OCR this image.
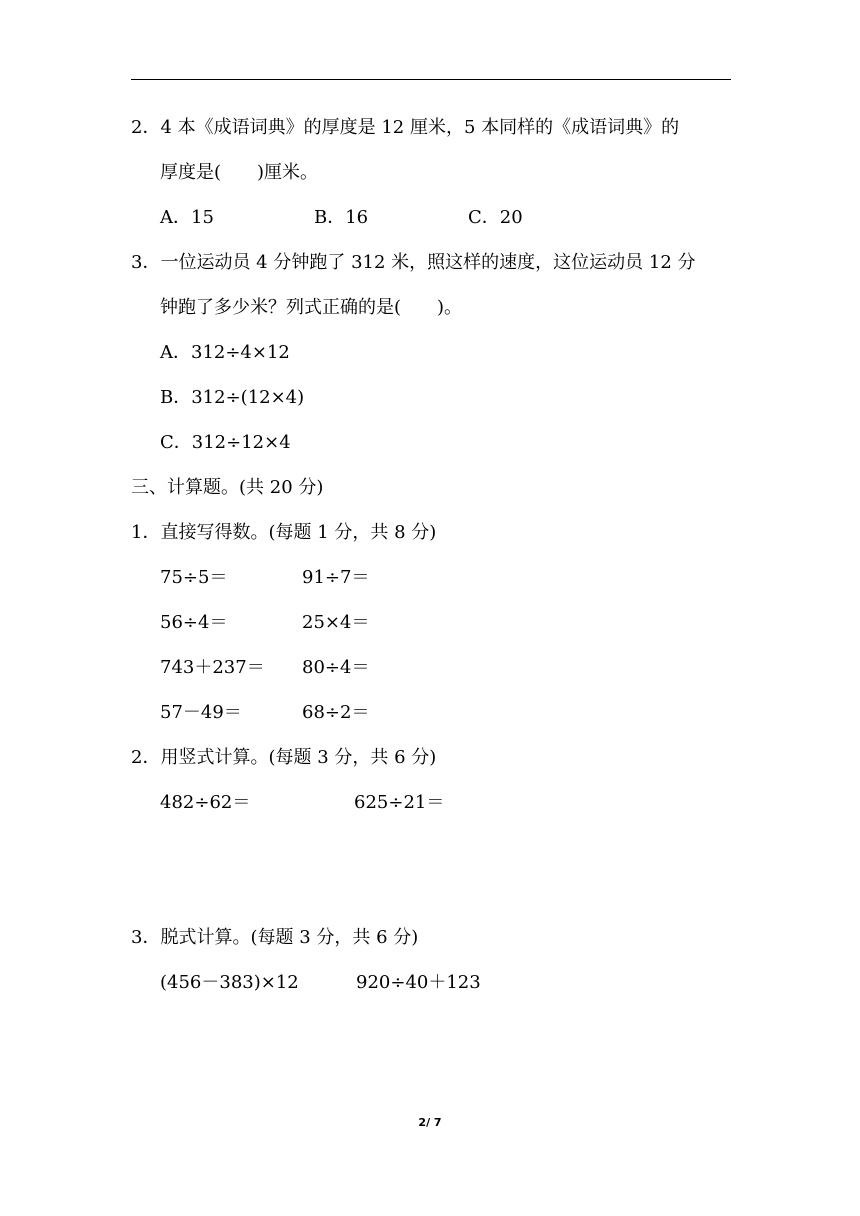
2．4 本《成语词典》的厚度是 12 厘米，5 本同样的《成语词典》的
厚度是(　　)厘米。
A．15	B．16	C．20
3．一位运动员 4 分钟跑了 312 米，照这样的速度，这位运动员 12 分
钟跑了多少米？列式正确的是(　　)。
A．312÷4×12
B．312÷(12×4)
C．312÷12×4
三、计算题。(共 20 分)
1．直接写得数。(每题 1 分，共 8 分)
75÷5＝	91÷7＝
56÷4＝	25×4＝
743＋237＝ 80÷4＝
57－49＝	68÷2＝
2．用竖式计算。(每题 3 分，共 6 分)
482÷62＝	625÷21＝
3．脱式计算。(每题 3 分，共 6 分)
(456－383)×12	920÷40＋123
2/ 7
